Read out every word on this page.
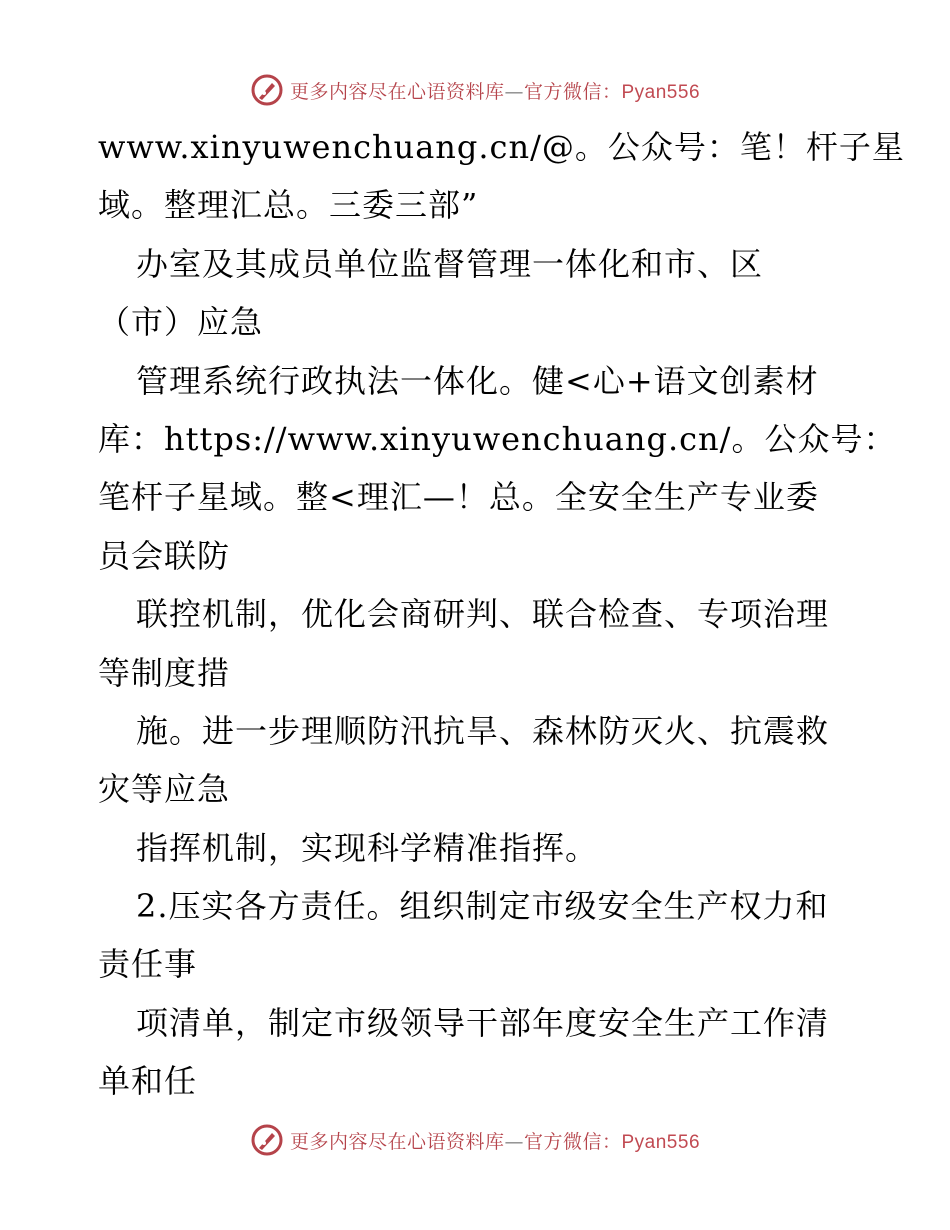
更多内容尽在心语资料库—官方微信：Pyan556
www.xinyuwenchuang.cn/@。公众号：笔！杆子星
域。整理汇总。三委三部”
办室及其成员单位监督管理一体化和市、区
（市）应急
管理系统行政执法一体化。健<心+语文创素材
库：https://www.xinyuwenchuang.cn/。公众号：
笔杆子星域。整<理汇—！总。全安全生产专业委
员会联防
联控机制，优化会商研判、联合检查、专项治理
等制度措
施。进一步理顺防汛抗旱、森林防灭火、抗震救
灾等应急
指挥机制，实现科学精准指挥。
2.压实各方责任。组织制定市级安全生产权力和
责任事
项清单，制定市级领导干部年度安全生产工作清
单和任
更多内容尽在心语资料库—官方微信：Pyan556
